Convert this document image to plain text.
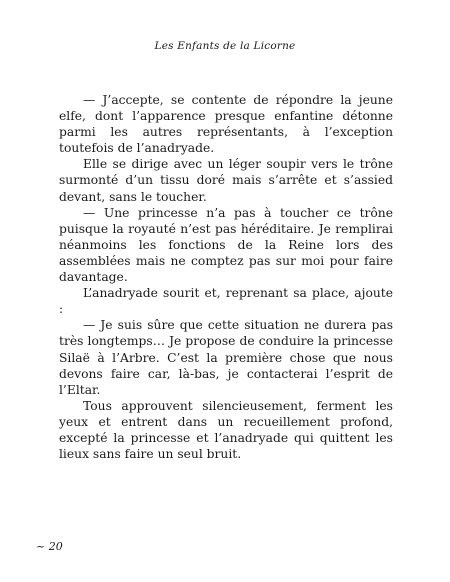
Les Enfants de la Licorne

— J’accepte, se contente de répondre la jeune elfe, dont l’apparence presque enfantine détonne parmi les autres représentants, à l’exception toutefois de l’anadryade.

Elle se dirige avec un léger soupir vers le trône surmonté d’un tissu doré mais s’arrête et s’assied devant, sans le toucher.

— Une princesse n’a pas à toucher ce trône puisque la royauté n’est pas héréditaire. Je remplirai néanmoins les fonctions de la Reine lors des assemblées mais ne comptez pas sur moi pour faire davantage.

L’anadryade sourit et, reprenant sa place, ajoute :

— Je suis sûre que cette situation ne durera pas très longtemps… Je propose de conduire la princesse Silaë à l’Arbre. C’est la première chose que nous devons faire car, là-bas, je contacterai l’esprit de l’Eltar.

Tous approuvent silencieusement, ferment les yeux et entrent dans un recueillement profond, excepté la princesse et l’anadryade qui quittent les lieux sans faire un seul bruit.

~ 20
